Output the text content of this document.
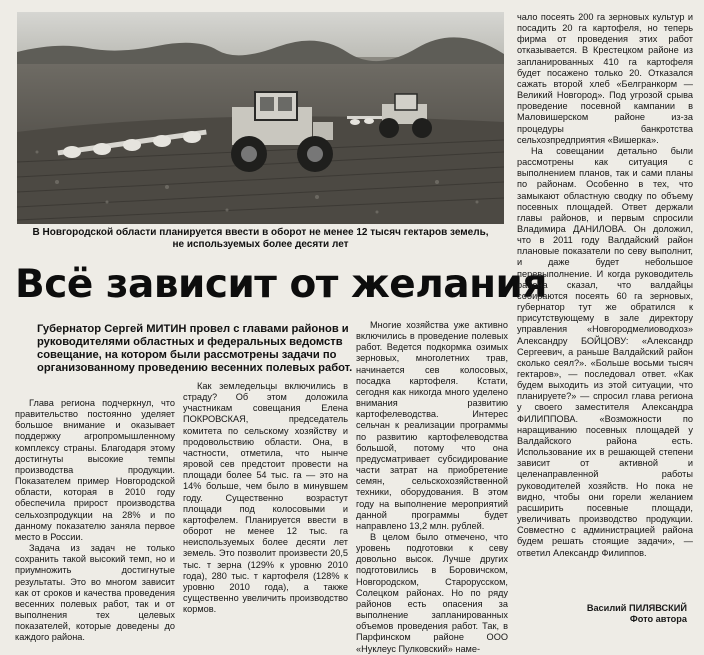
В Новгородской области планируется ввести в оборот не менее 12 тысяч гектаров земель,
не используемых более десяти лет
Всё зависит от желания
Губернатор Сергей МИТИН провел с главами районов и руководителями областных и федеральных ведомств совещание, на котором были рассмотрены задачи по организованному проведению весенних полевых работ.

Глава региона подчеркнул, что правительство постоянно уделяет большое внимание и оказывает поддержку агропромышленному комплексу страны. Благодаря этому достигнуты высокие темпы производства продукции. Показателем пример Новгородской области, которая в 2010 году обеспечила прирост производства сельхозпродукции на 28% и по данному показателю заняла первое место в России.

Задача из задач не только сохранить такой высокий темп, но и приумножить достигнутые результаты. Это во многом зависит как от сроков и качества проведения весенних полевых работ, так и от выполнения тех целевых показателей, которые доведены до каждого района.

Как земледельцы включились в страду? Об этом доложила участникам совещания Елена ПОКРОВСКАЯ, председатель комитета по сельскому хозяйству и продовольствию области. Она, в частности, отметила, что нынче яровой сев предстоит провести на площади более 54 тыс. га — это на 14% больше, чем было в минувшем году. Существенно возрастут площади под колосовыми и картофелем. Планируется ввести в оборот не менее 12 тыс. га неиспользуемых более десяти лет земель. Это позволит произвести 20,5 тыс. т зерна (129% к уровню 2010 года), 280 тыс. т картофеля (128% к уровню 2010 года), а также существенно увеличить производство кормов.

Многие хозяйства уже активно включились в проведение полевых работ. Ведется подкормка озимых зерновых, многолетних трав, начинается сев колосовых, посадка картофеля. Кстати, сегодня как никогда много уделено внимания развитию картофелеводства. Интерес сельчан к реализации программы по развитию картофелеводства большой, потому что она предусматривает субсидирование части затрат на приобретение семян, сельскохозяйственной техники, оборудования. В этом году на выполнение мероприятий данной программы будет направлено 13,2 млн. рублей.

В целом было отмечено, что уровень подготовки к севу довольно высок. Лучше других подготовились в Боровичском, Новгородском, Старорусском, Солецком районах. Но по ряду районов есть опасения за выполнение запланированных объемов проведения работ. Так, в Парфинском районе ООО «Нуклеус Пулковский» наме-

чало посеять 200 га зерновых культур и посадить 20 га картофеля, но теперь фирма от проведения этих работ отказывается. В Крестецком районе из запланированных 410 га картофеля будет посажено только 20. Отказался сажать второй хлеб «Белгранкорм — Великий Новгород». Под угрозой срыва проведение посевной кампании в Маловишерском районе из-за процедуры банкротства сельхозпредприятия «Вишерка».

На совещании детально были рассмотрены как ситуация с выполнением планов, так и сами планы по районам. Особенно в тех, что замыкают областную сводку по объему посевных площадей. Ответ держали главы районов, и первым спросили Владимира ДАНИЛОВА. Он доложил, что в 2011 году Валдайский район плановые показатели по севу выполнит, и даже будет небольшое перевыполнение. И когда руководитель района сказал, что валдайцы собираются посеять 60 га зерновых, губернатор тут же обратился к присутствующему в зале директору управления «Новгородмелиоводхоз» Александру БОЙЦОВУ: «Александр Сергеевич, а раньше Валдайский район сколько сеял?». «Больше восьми тысяч гектаров», — последовал ответ. «Как будем выходить из этой ситуации, что планируете?» — спросил глава региона у своего заместителя Александра ФИЛИППОВА. «Возможности по наращиванию посевных площадей у Валдайского района есть. Использование их в решающей степени зависит от активной и целенаправленной работы руководителей хозяйств. Но пока не видно, чтобы они горели желанием расширить посевные площади, увеличивать производство продукции. Совместно с администрацией района будем решать стоящие задачи», — ответил Александр Филиппов.

Василий ПИЛЯВСКИЙ
Фото автора
